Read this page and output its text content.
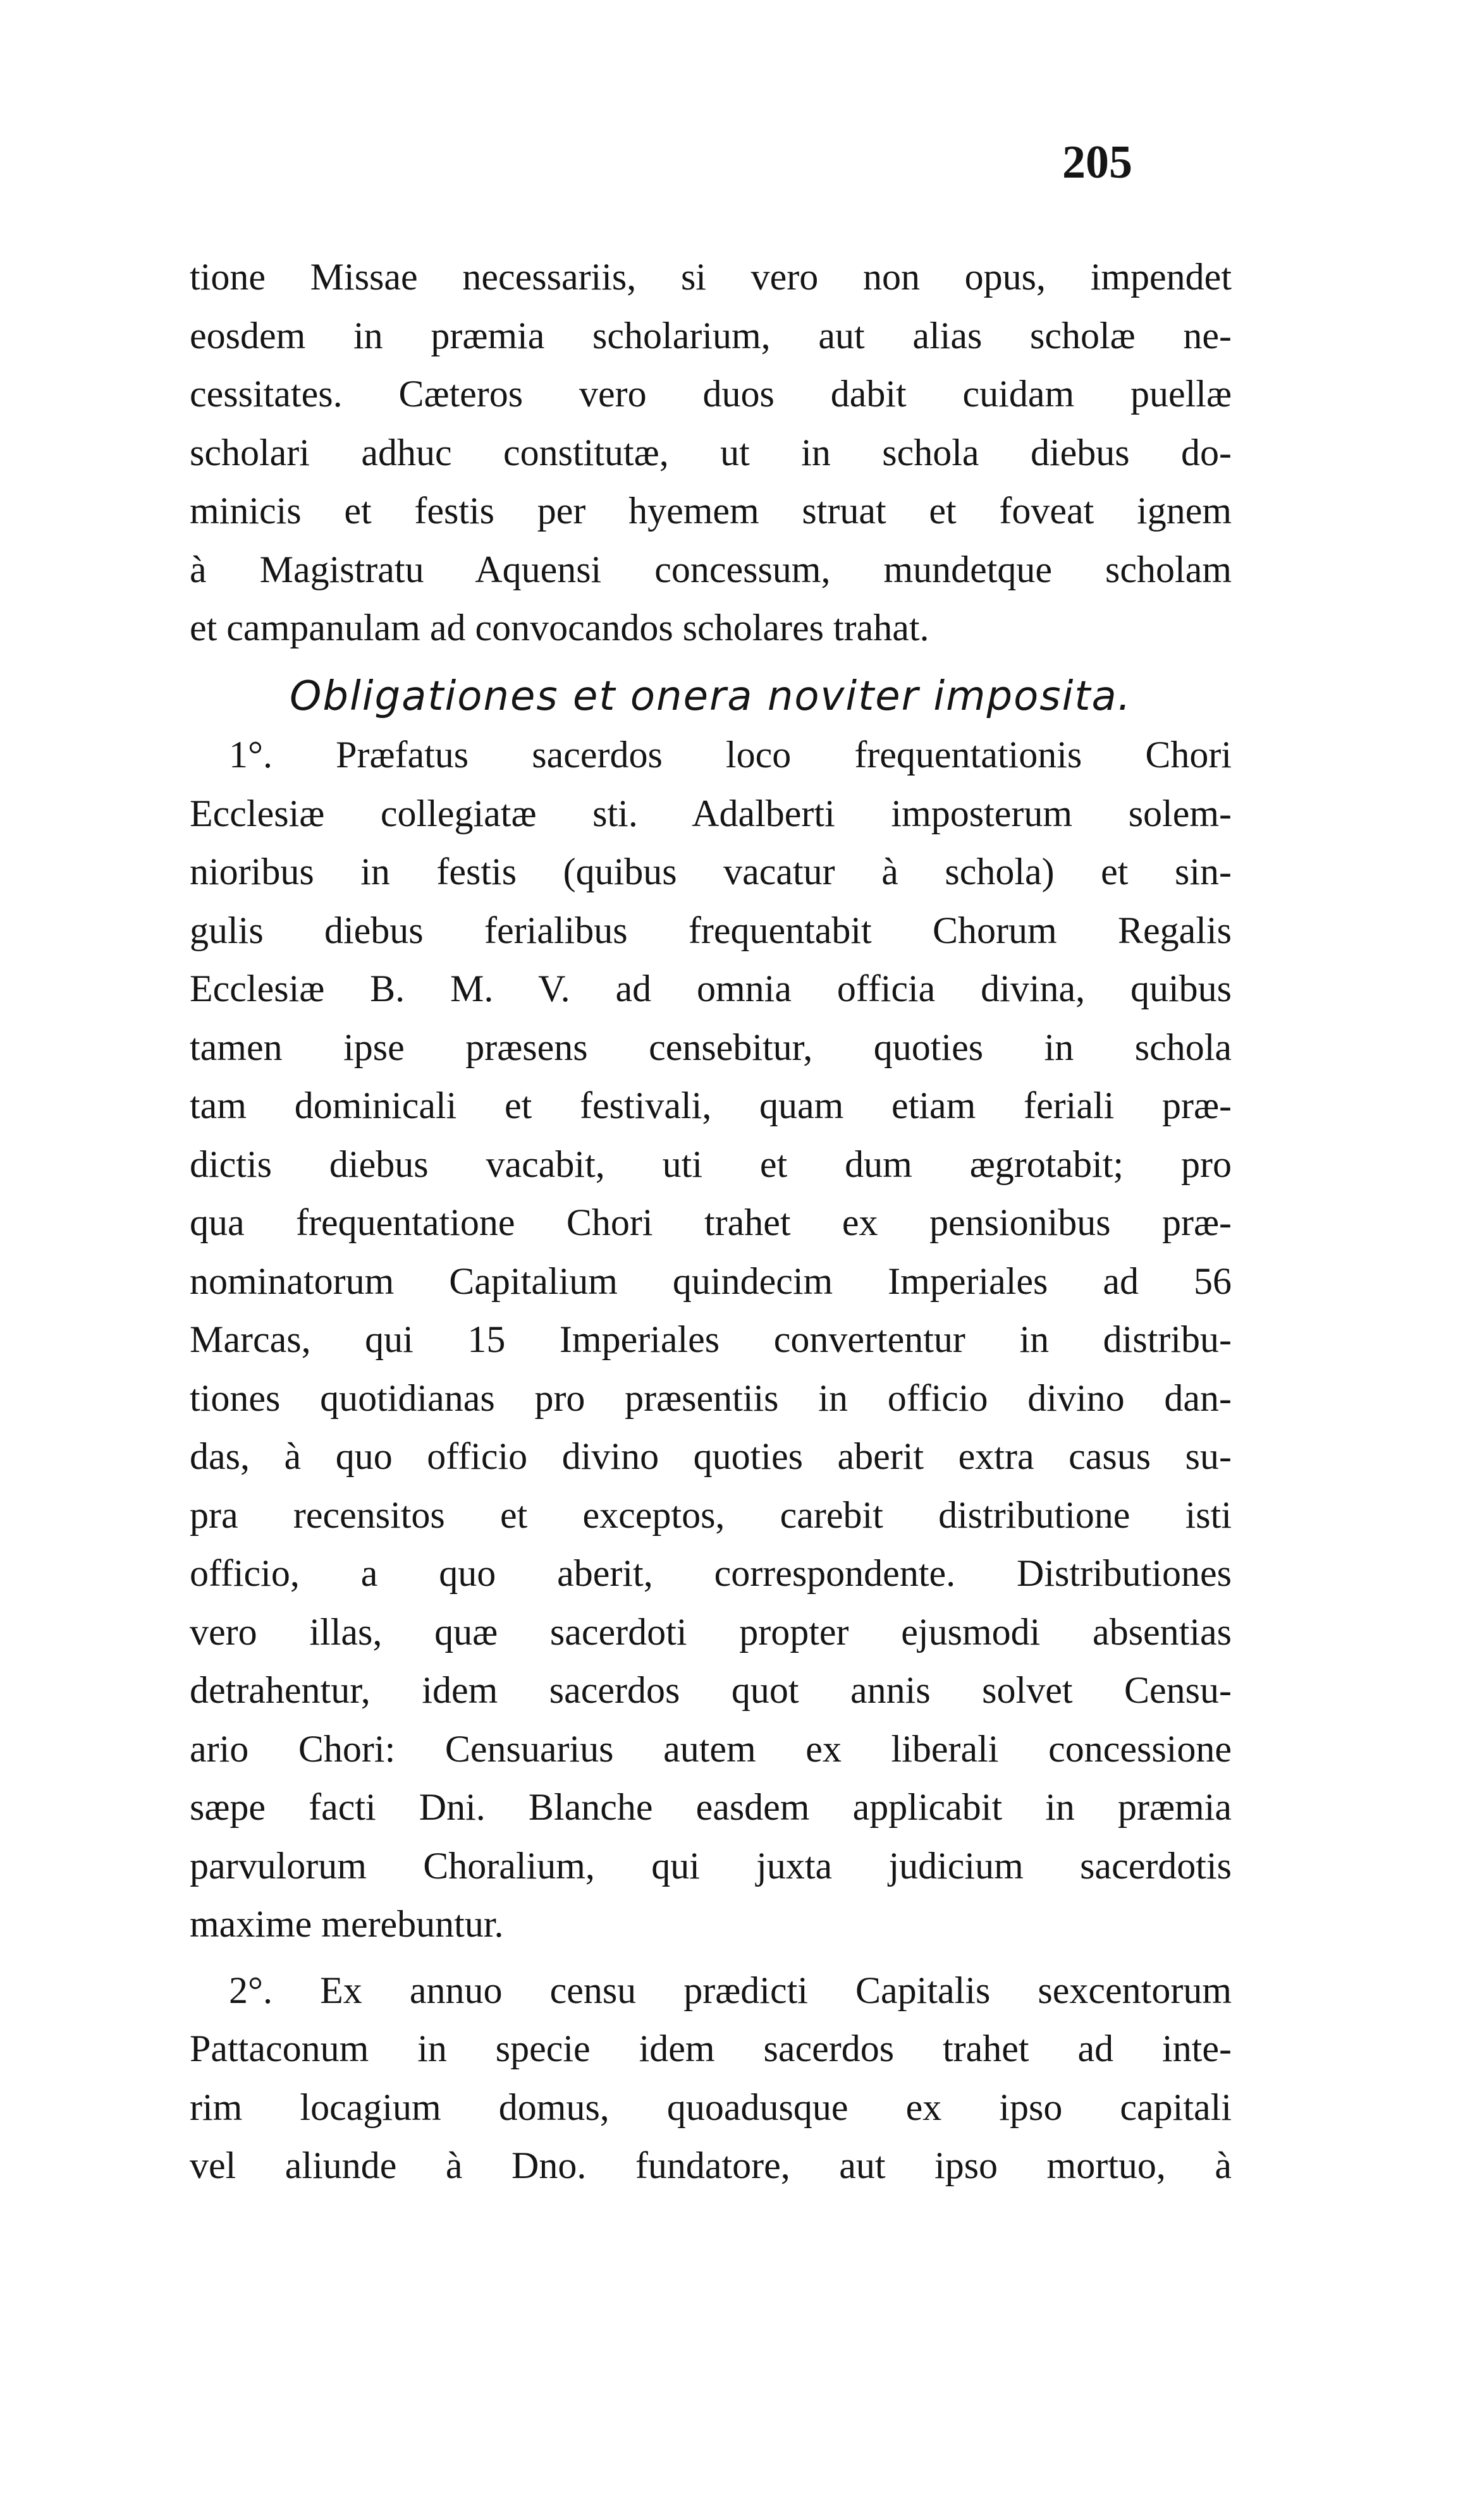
205
tione Missae necessariis, si vero non opus, impendet
eosdem in præmia scholarium, aut alias scholæ ne-
cessitates. Cæteros vero duos dabit cuidam puellæ
scholari adhuc constitutæ, ut in schola diebus do-
minicis et festis per hyemem struat et foveat ignem
à Magistratu Aquensi concessum, mundetque scholam
et campanulam ad convocandos scholares trahat.
Obligationes et onera noviter imposita.
1°. Præfatus sacerdos loco frequentationis Chori
Ecclesiæ collegiatæ sti. Adalberti imposterum solem-
nioribus in festis (quibus vacatur à schola) et sin-
gulis diebus ferialibus frequentabit Chorum Regalis
Ecclesiæ B. M. V. ad omnia officia divina, quibus
tamen ipse præsens censebitur, quoties in schola
tam dominicali et festivali, quam etiam feriali præ-
dictis diebus vacabit, uti et dum ægrotabit; pro
qua frequentatione Chori trahet ex pensionibus præ-
nominatorum Capitalium quindecim Imperiales ad 56
Marcas, qui 15 Imperiales convertentur in distribu-
tiones quotidianas pro præsentiis in officio divino dan-
das, à quo officio divino quoties aberit extra casus su-
pra recensitos et exceptos, carebit distributione isti
officio, a quo aberit, correspondente. Distributiones
vero illas, quæ sacerdoti propter ejusmodi absentias
detrahentur, idem sacerdos quot annis solvet Censu-
ario Chori: Censuarius autem ex liberali concessione
sæpe facti Dni. Blanche easdem applicabit in præmia
parvulorum Choralium, qui juxta judicium sacerdotis
maxime merebuntur.
2°. Ex annuo censu prædicti Capitalis sexcentorum
Pattaconum in specie idem sacerdos trahet ad inte-
rim locagium domus, quoadusque ex ipso capitali
vel aliunde à Dno. fundatore, aut ipso mortuo, à
